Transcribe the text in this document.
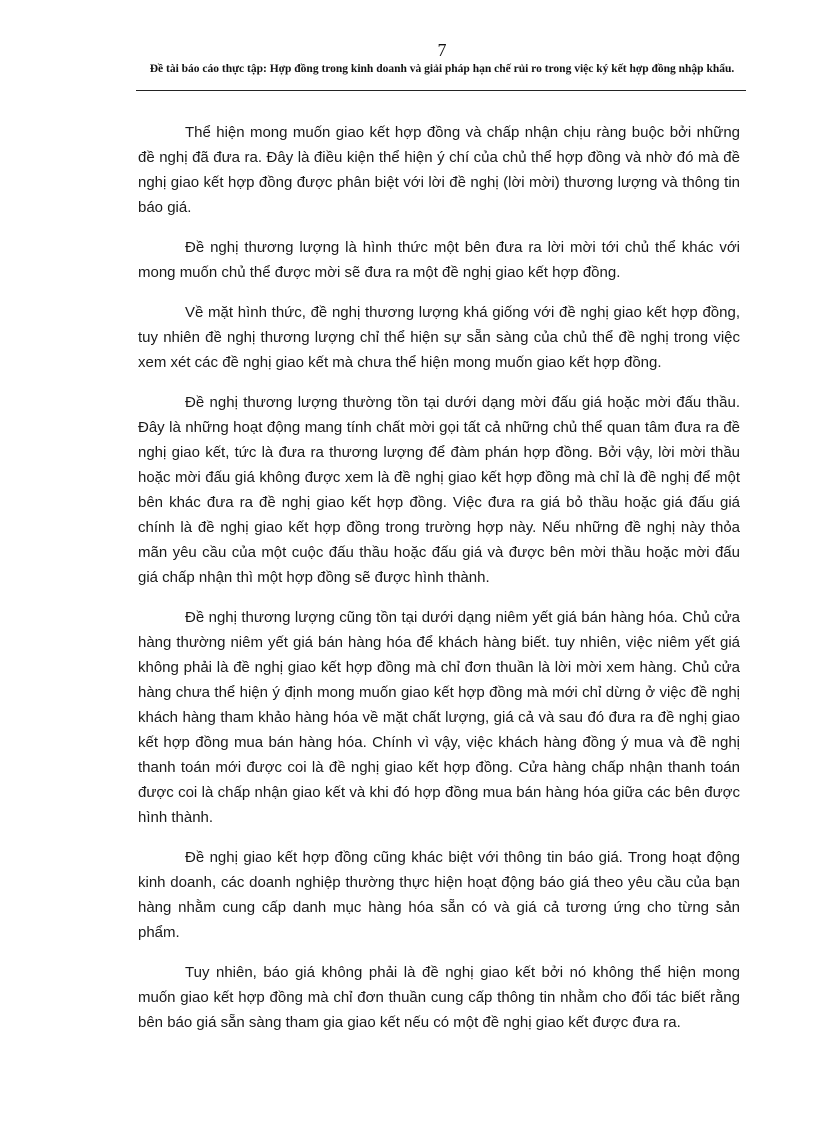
7

Đề tài báo cáo thực tập: Hợp đồng trong kinh doanh và giải pháp hạn chế rủi ro trong việc ký kết hợp đồng nhập khẩu.

Thể hiện mong muốn giao kết hợp đồng và chấp nhận chịu ràng buộc bởi những đề nghị đã đưa ra. Đây là điều kiện thể hiện ý chí của chủ thể hợp đồng và nhờ đó mà đề nghị giao kết hợp đồng được phân biệt với lời đề nghị (lời mời) thương lượng và thông tin báo giá.

Đề nghị thương lượng là hình thức một bên đưa ra lời mời tới chủ thể khác với mong muốn chủ thể được mời sẽ đưa ra một đề nghị giao kết hợp đồng.

Về mặt hình thức, đề nghị thương lượng khá giống với đề nghị giao kết hợp đồng, tuy nhiên đề nghị thương lượng chỉ thể hiện sự sẵn sàng của chủ thể đề nghị trong việc xem xét các đề nghị giao kết mà chưa thể hiện mong muốn giao kết hợp đồng.

Đề nghị thương lượng thường tồn tại dưới dạng mời đấu giá hoặc mời đấu thầu. Đây là những hoạt động mang tính chất mời gọi tất cả những chủ thể quan tâm đưa ra đề nghị giao kết, tức là đưa ra thương lượng để đàm phán hợp đồng. Bởi vậy, lời mời thầu hoặc mời đấu giá không được xem là đề nghị giao kết hợp đồng mà chỉ là đề nghị để một bên khác đưa ra đề nghị giao kết hợp đồng. Việc đưa ra giá bỏ thầu hoặc giá đấu giá chính là đề nghị giao kết hợp đồng trong trường hợp này. Nếu những đề nghị này thỏa mãn yêu cầu của một cuộc đấu thầu hoặc đấu giá và được bên mời thầu hoặc mời đấu giá chấp nhận thì một hợp đồng sẽ được hình thành.

Đề nghị thương lượng cũng tồn tại dưới dạng niêm yết giá bán hàng hóa. Chủ cửa hàng thường niêm yết giá bán hàng hóa để khách hàng biết. tuy nhiên, việc niêm yết giá không phải là đề nghị giao kết hợp đồng mà chỉ đơn thuần là lời mời xem hàng. Chủ cửa hàng chưa thể hiện ý định mong muốn giao kết hợp đồng mà mới chỉ dừng ở việc đề nghị khách hàng tham khảo hàng hóa về mặt chất lượng, giá cả và sau đó đưa ra đề nghị giao kết hợp đồng mua bán hàng hóa. Chính vì vậy, việc khách hàng đồng ý mua và đề nghị thanh toán mới được coi là đề nghị giao kết hợp đồng. Cửa hàng chấp nhận thanh toán được coi là chấp nhận giao kết và khi đó hợp đồng mua bán hàng hóa giữa các bên được hình thành.

Đề nghị giao kết hợp đồng cũng khác biệt với thông tin báo giá. Trong hoạt động kinh doanh, các doanh nghiệp thường thực hiện hoạt động báo giá theo yêu cầu của bạn hàng nhằm cung cấp danh mục hàng hóa sẵn có và giá cả tương ứng cho từng sản phẩm.

Tuy nhiên, báo giá không phải là đề nghị giao kết bởi nó không thể hiện mong muốn giao kết hợp đồng mà chỉ đơn thuần cung cấp thông tin nhằm cho đối tác biết rằng bên báo giá sẵn sàng tham gia giao kết nếu có một đề nghị giao kết được đưa ra.
